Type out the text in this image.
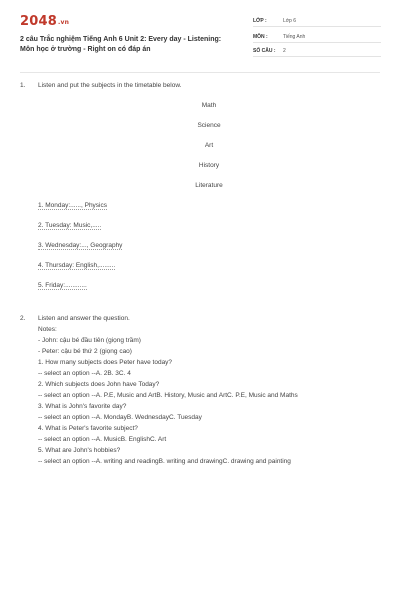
2048.vn
2 câu Trắc nghiệm Tiếng Anh 6 Unit 2: Every day - Listening: Môn học ở trường - Right on có đáp án
LỚP :	Lớp 6
MÔN :	Tiếng Anh
SỐ CÂU : 2
1. Listen and put the subjects in the timetable below.
Math
Science
Art
History
Literature
1. Monday:......, Physics
2. Tuesday: Music,.....
3. Wednesday:..., Geography
4. Thursday: English,.........
5. Friday:............
2. Listen and answer the question.
Notes:
- John: cậu bé đầu tiên (giọng trầm)
- Peter: cậu bé thứ 2 (giọng cao)
1. How many subjects does Peter have today?
-- select an option --A. 2B. 3C. 4
2. Which subjects does John have Today?
-- select an option --A. P.E, Music and ArtB. History, Music and ArtC. P.E, Music and Maths
3. What is John's favorite day?
-- select an option --A. MondayB. WednesdayC. Tuesday
4. What is Peter's favorite subject?
-- select an option --A. MusicB. EnglishC. Art
5. What are John's hobbies?
-- select an option --A. writing and readingB. writing and drawingC. drawing and painting
